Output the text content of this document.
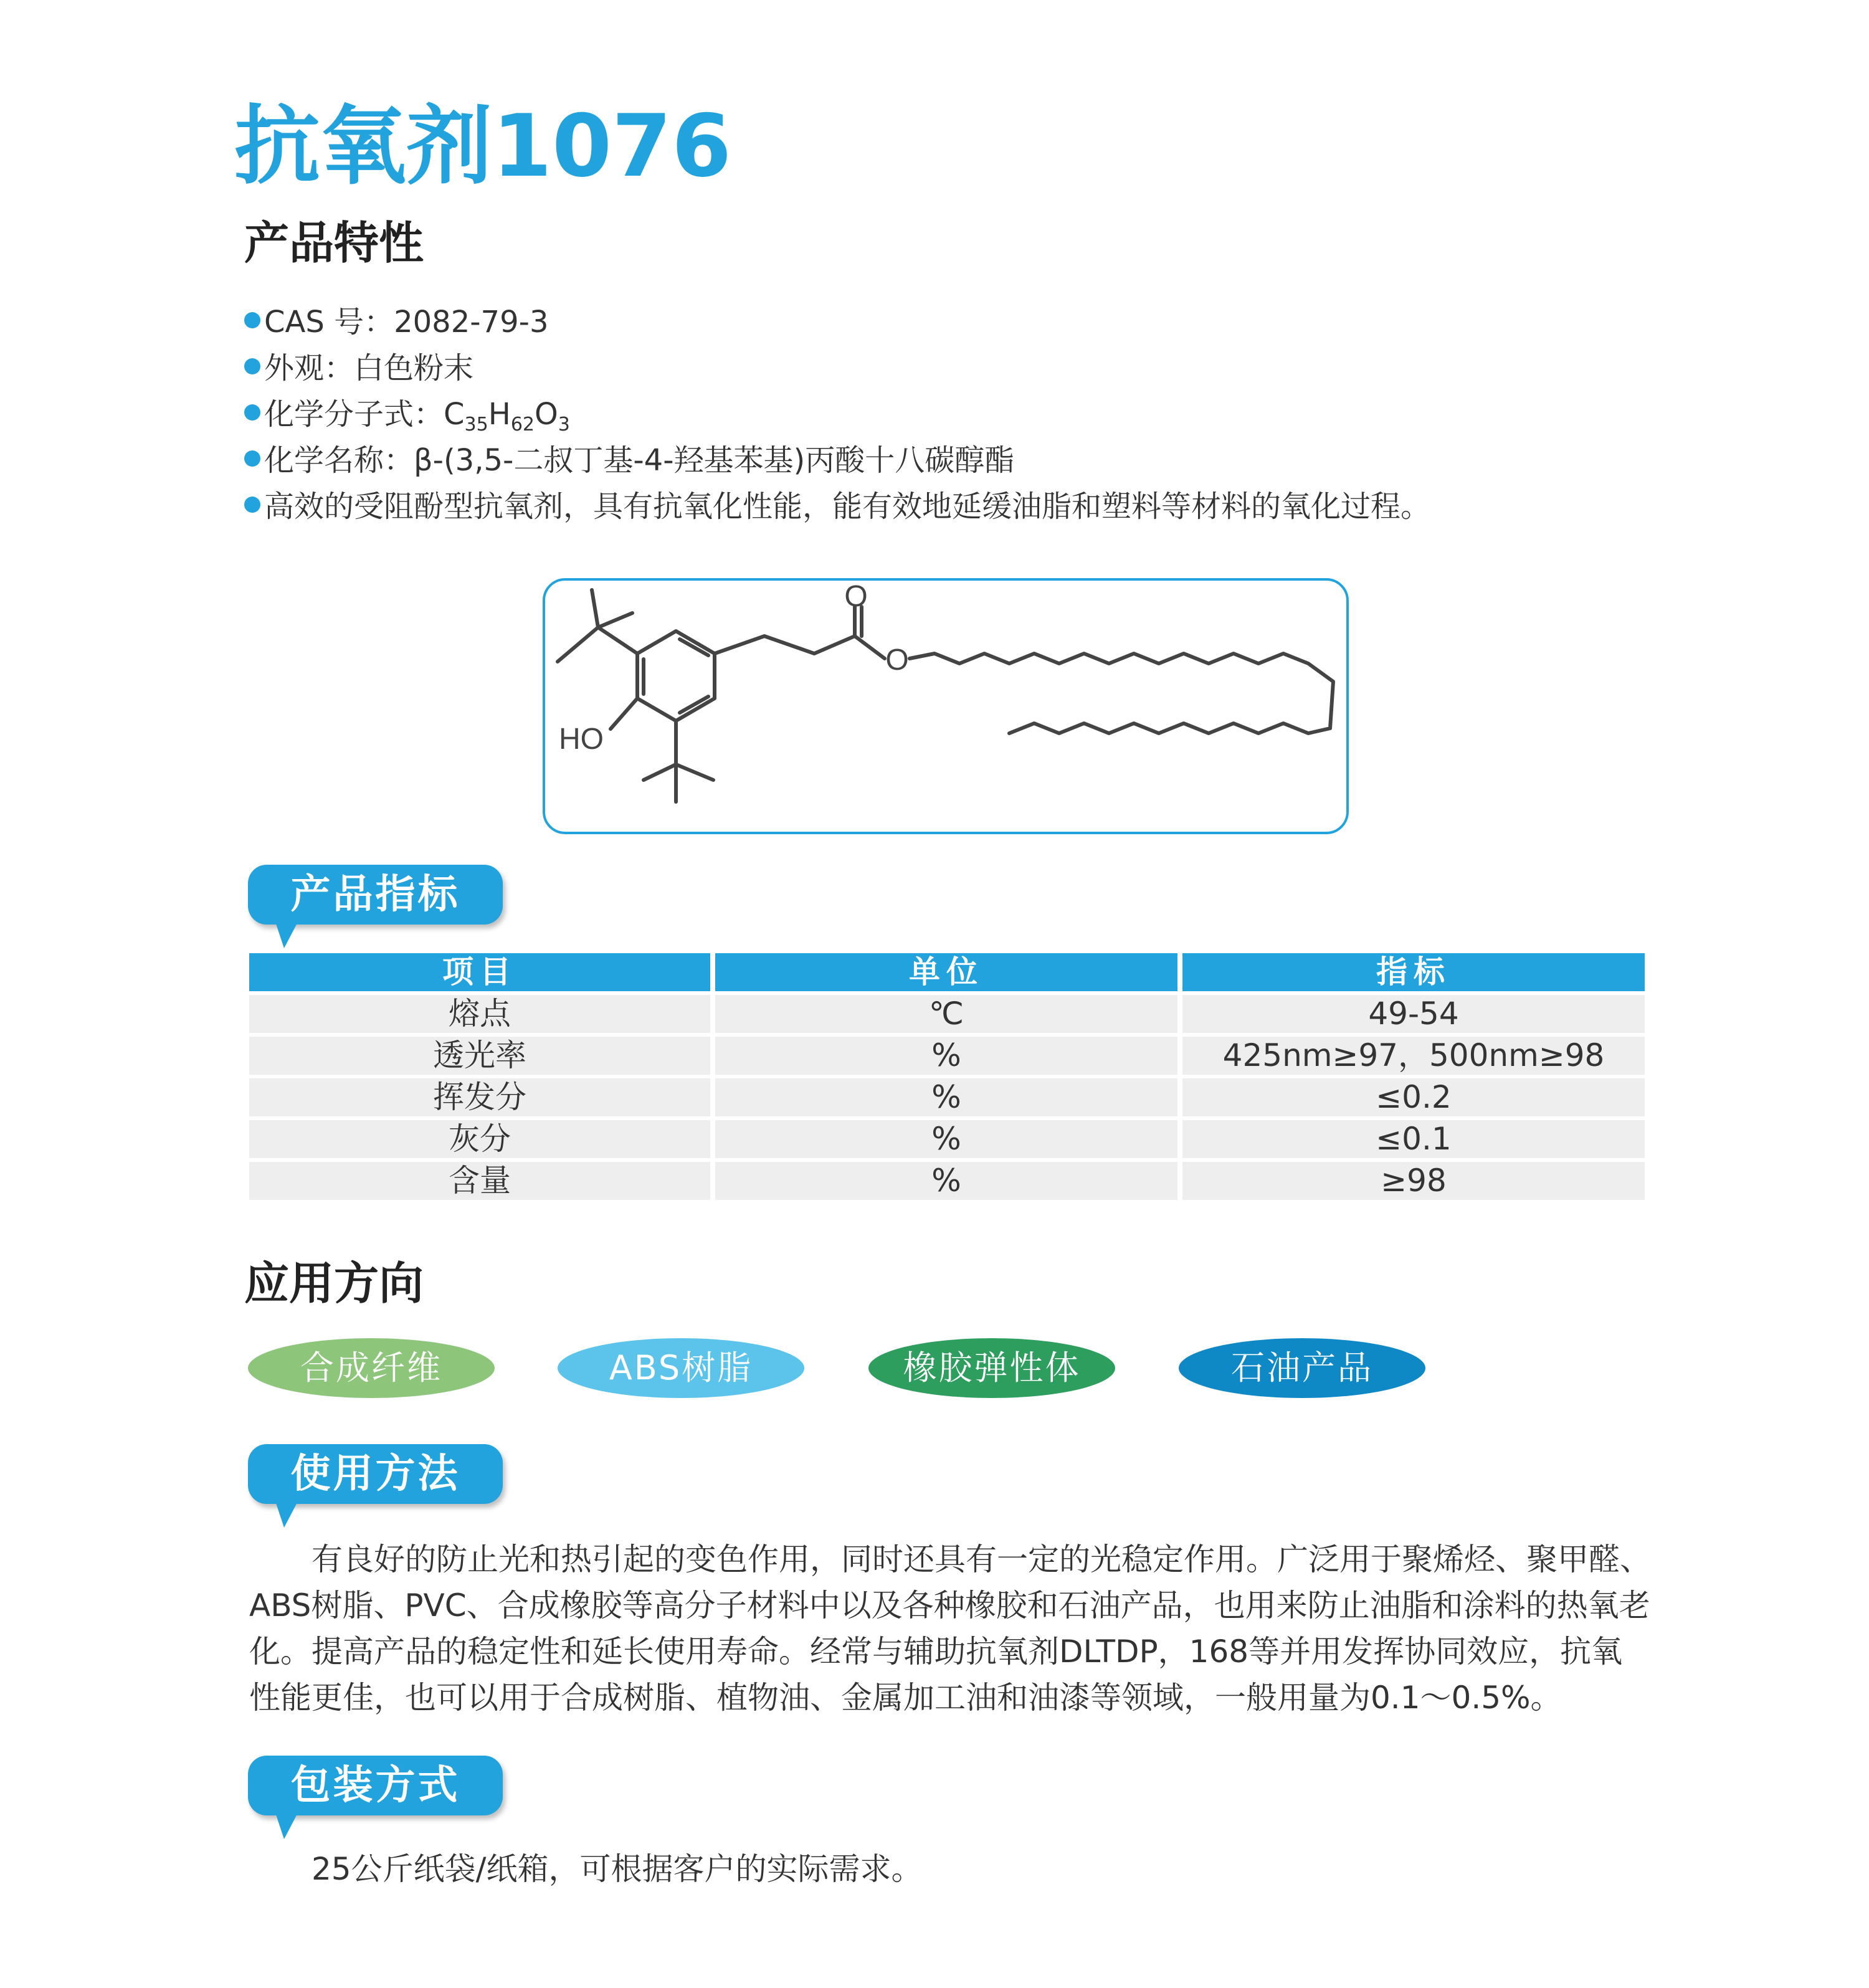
抗氧剂1076
产品特性
CAS 号：2082-79-3
外观：白色粉末
化学分子式：$C_{35}H_{62}O_3$
化学名称：β-(3,5-二叔丁基-4-羟基苯基)丙酸十八碳醇酯
高效的受阻酚型抗氧剂，具有抗氧化性能，能有效地延缓油脂和塑料等材料的氧化过程。
O
O
HO
产品指标
项目	单位	指标
熔点	℃	49-54
透光率	%	425nm≥97，500nm≥98
挥发分	%	≤0.2
灰分	%	≤0.1
含量	%	≥98
应用方向
合成纤维	ABS树脂	橡胶弹性体	石油产品
使用方法

有良好的防止光和热引起的变色作用，同时还具有一定的光稳定作用。广泛用于聚烯烃、聚甲醛、ABS树脂、PVC、合成橡胶等高分子材料中以及各种橡胶和石油产品，也用来防止油脂和涂料的热氧老化。提高产品的稳定性和延长使用寿命。经常与辅助抗氧剂DLTDP，168等并用发挥协同效应，抗氧性能更佳，也可以用于合成树脂、植物油、金属加工油和油漆等领域，一般用量为0.1～0.5%。

包装方式

25公斤纸袋/纸箱，可根据客户的实际需求。
